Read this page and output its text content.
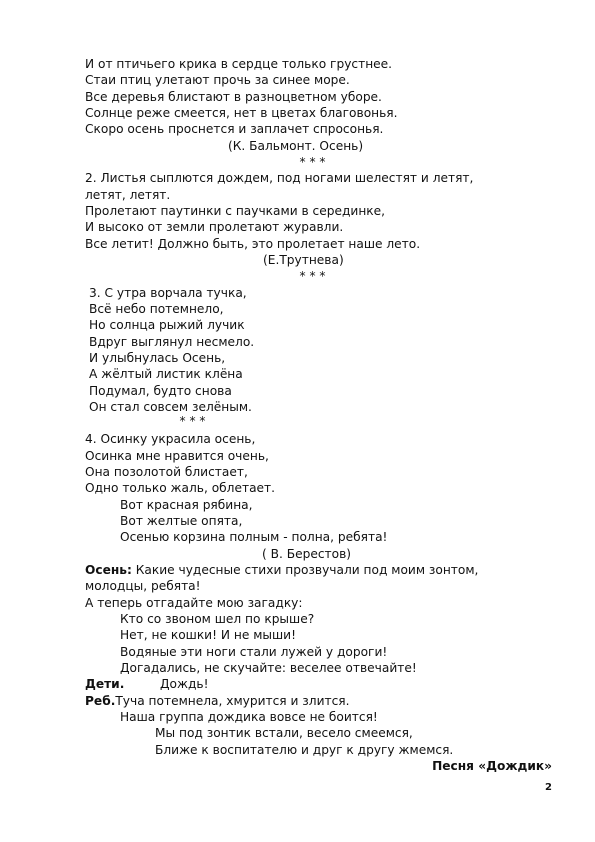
И от птичьего крика в сердце только грустнее.
Стаи птиц улетают прочь за синее море.
Все деревья блистают в разноцветном уборе.
Солнце реже смеется, нет в цветах благовонья.
Скоро осень проснется и заплачет спросонья.
(К. Бальмонт. Осень)
* * *
2. Листья сыплются дождем, под ногами шелестят и летят,
летят, летят.
Пролетают паутинки с паучками в серединке,
И высоко от земли пролетают журавли.
Все летит! Должно быть, это пролетает наше лето.
(Е.Трутнева)
* * *
3. С утра ворчала тучка,
Всё небо потемнело,
Но солнца рыжий лучик
Вдруг выглянул несмело.
И улыбнулась Осень,
А жёлтый листик клёна
Подумал, будто снова
Он стал совсем зелёным.
* * *
4. Осинку украсила осень,
Осинка мне нравится очень,
Она позолотой блистает,
Одно только жаль, облетает.
Вот красная рябина,
Вот желтые опята,
Осенью корзина полным - полна, ребята!
( В. Берестов)
Осень: Какие чудесные стихи прозвучали под моим зонтом,
молодцы, ребята!
А теперь отгадайте мою загадку:
Кто со звоном шел по крыше?
Нет, не кошки! И не мыши!
Водяные эти ноги стали лужей у дороги!
Догадались, не скучайте: веселее отвечайте!
Дети.	Дождь!
Реб.Туча потемнела, хмурится и злится.
Наша группа дождика вовсе не боится!
Мы под зонтик встали, весело смеемся,
Ближе к воспитателю и друг к другу жмемся.
Песня «Дождик»
2
